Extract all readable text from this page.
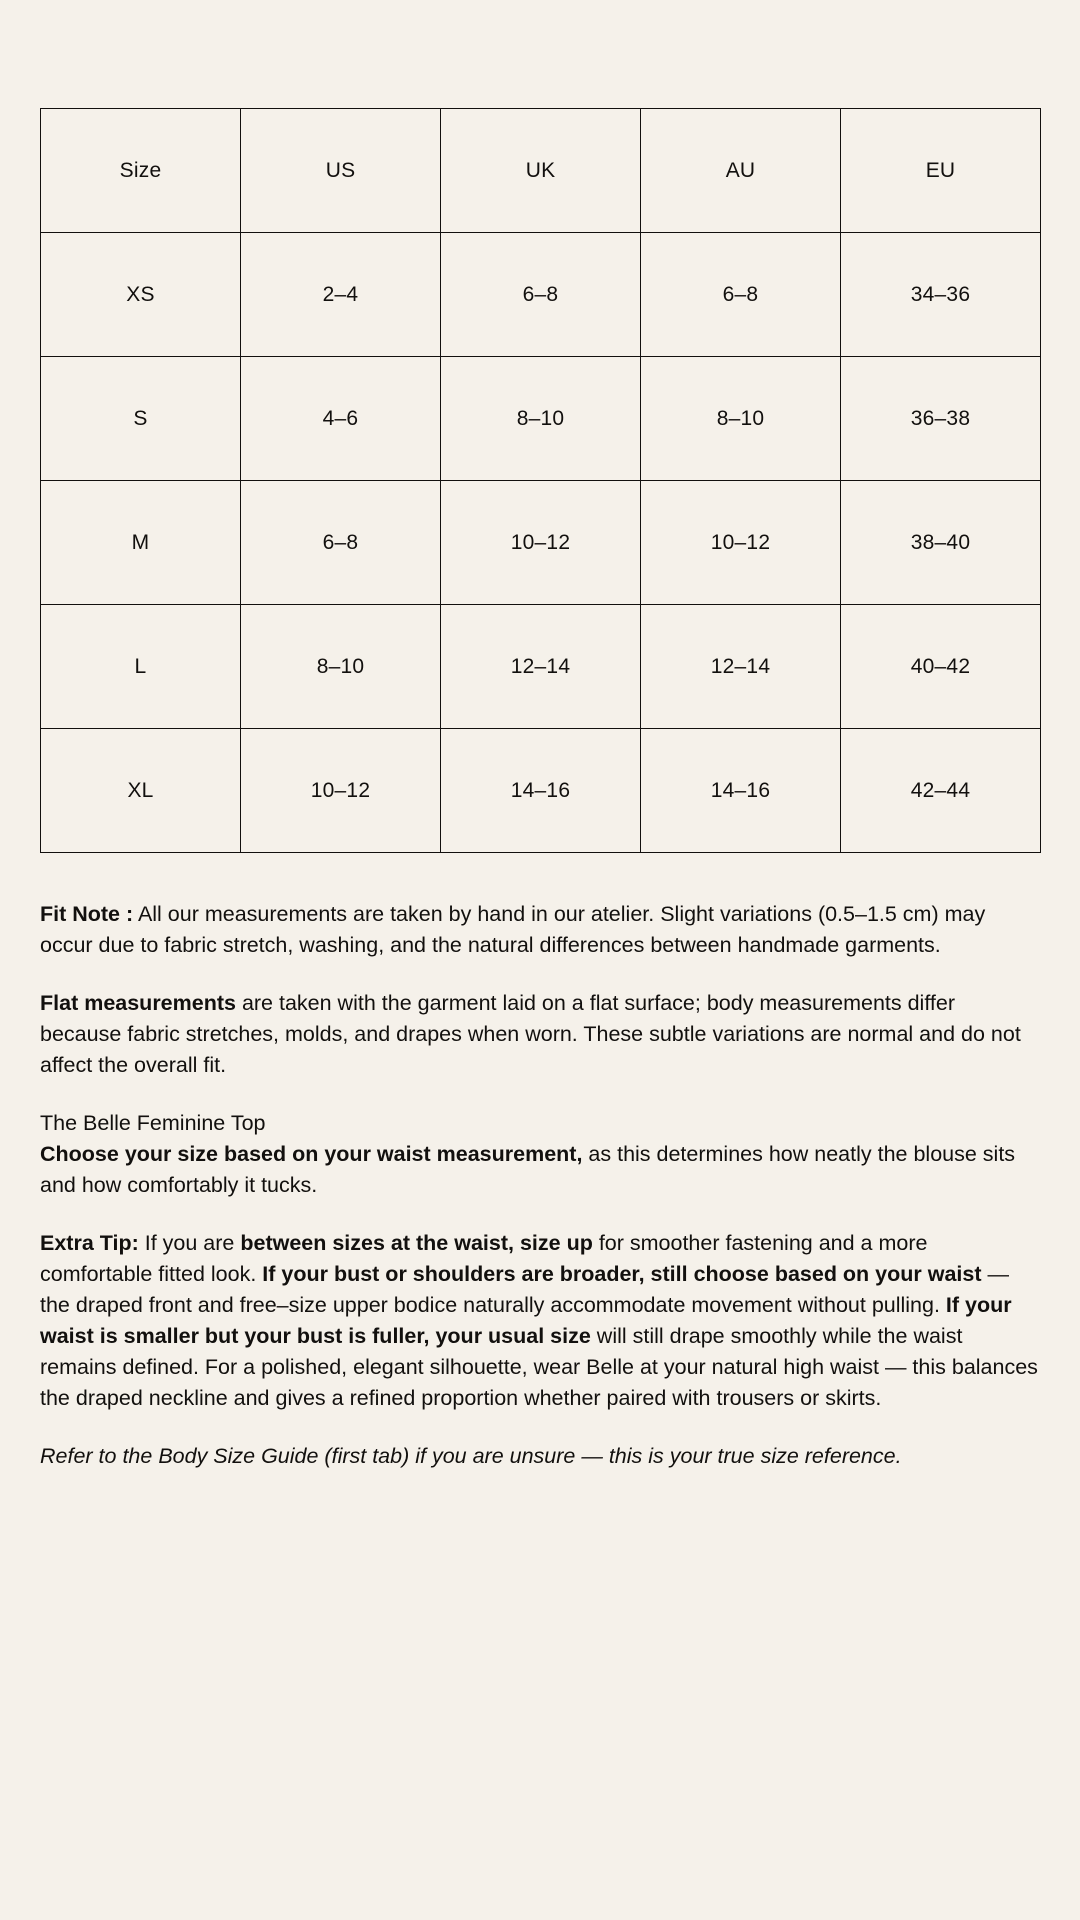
Size	US	UK	AU	EU
XS	2–4	6–8	6–8	34–36
S	4–6	8–10	8–10	36–38
M	6–8	10–12	10–12	38–40
L	8–10	12–14	12–14	40–42
XL	10–12	14–16	14–16	42–44

Fit Note : All our measurements are taken by hand in our atelier. Slight variations (0.5–1.5 cm) may occur due to fabric stretch, washing, and the natural differences between handmade garments.

Flat measurements are taken with the garment laid on a flat surface; body measurements differ because fabric stretches, molds, and drapes when worn. These subtle variations are normal and do not affect the overall fit.

The Belle Feminine Top
Choose your size based on your waist measurement, as this determines how neatly the blouse sits and how comfortably it tucks.

Extra Tip: If you are between sizes at the waist, size up for smoother fastening and a more comfortable fitted look. If your bust or shoulders are broader, still choose based on your waist — the draped front and free–size upper bodice naturally accommodate movement without pulling. If your waist is smaller but your bust is fuller, your usual size will still drape smoothly while the waist remains defined. For a polished, elegant silhouette, wear Belle at your natural high waist — this balances the draped neckline and gives a refined proportion whether paired with trousers or skirts.

Refer to the Body Size Guide (first tab) if you are unsure — this is your true size reference.
